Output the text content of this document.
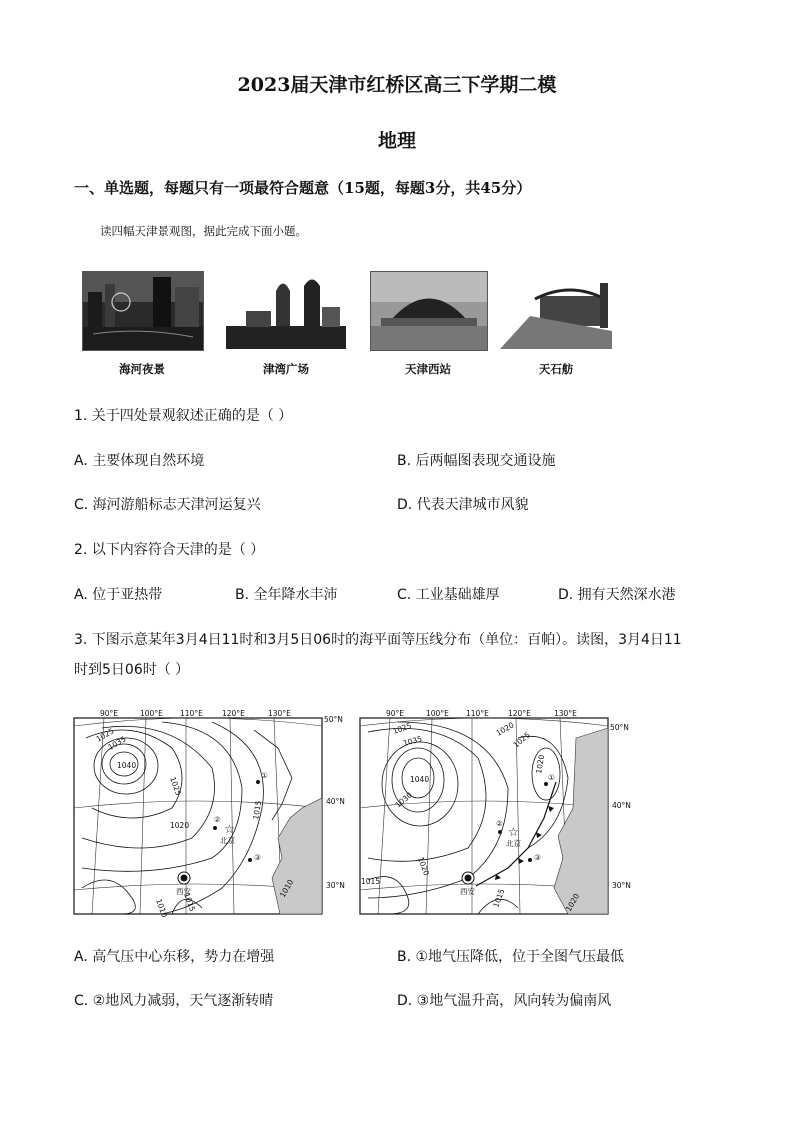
2023届天津市红桥区高三下学期二模
地理
一、单选题，每题只有一项最符合题意（15题，每题3分，共45分）
读四幅天津景观图，据此完成下面小题。
海河夜景	津湾广场	天津西站	天石舫
1. 关于四处景观叙述正确的是（ ）
A. 主要体现自然环境	B. 后两幅图表现交通设施
C. 海河游船标志天津河运复兴	D. 代表天津城市风貌
2. 以下内容符合天津的是（ ）
A. 位于亚热带	B. 全年降水丰沛	C. 工业基础雄厚	D. 拥有天然深水港
3. 下图示意某年3月4日11时和3月5日06时的海平面等压线分布（单位：百帕）。读图，3月4日11
时到5日06时（ ）
90°E	100°E 110°E	120°E	130°E
50°N
40°N
30°N
1040
1025
1035
1025
1020
1015
1015
1010
1010
①
②
③
☆
北京
西安
90°E	100°E 110°E	120°E	130°E
50°N
40°N
30°N
1040
1025
1035
1030
1020
1025
1020
1015
1015
1020
1020
①
②
③
☆
北京
西安
A. 高气压中心东移，势力在增强	B. ①地气压降低，位于全图气压最低
C. ②地风力减弱，天气逐渐转晴	D. ③地气温升高，风向转为偏南风
